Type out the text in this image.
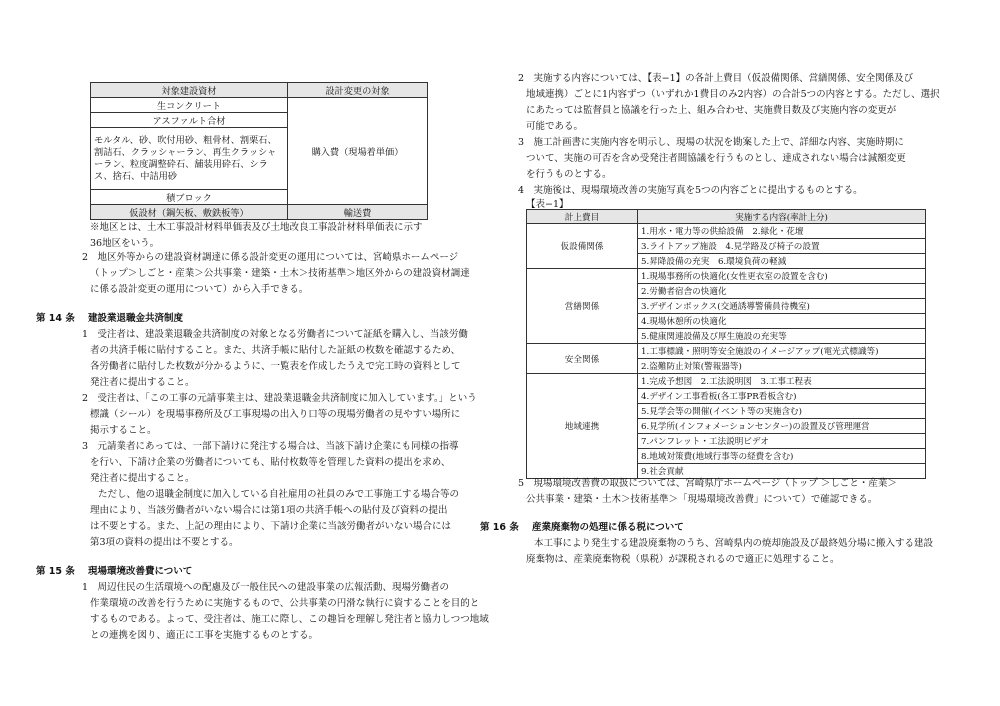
対象建設資材	設計変更の対象
生コンクリート	購入費（現場着単価）
アスファルト合材	
モルタル、砂、吹付用砂、粗骨材、割栗石、割詰石、クラッシャーラン、再生クラッシャーラン、粒度調整砕石、舗装用砕石、シラス、捨石、中詰用砂	
積ブロック	
仮設材（鋼矢板、敷鉄板等）	輸送費
※地区とは、土木工事設計材料単価表及び土地改良工事設計材料単価表に示す
36地区をいう。
2　地区外等からの建設資材調達に係る設計変更の運用については、宮崎県ホームページ
（トップ＞しごと・産業＞公共事業・建築・土木＞技術基準＞地区外からの建設資材調達
に係る設計変更の運用について）から入手できる。
第 14 条 建設業退職金共済制度
1　受注者は、建設業退職金共済制度の対象となる労働者について証紙を購入し、当該労働
者の共済手帳に貼付すること。また、共済手帳に貼付した証紙の枚数を確認するため、
各労働者に貼付した枚数が分かるように、一覧表を作成したうえで完工時の資料として
発注者に提出すること。
2　受注者は、「この工事の元請事業主は、建設業退職金共済制度に加入しています。」という
標識（シール）を現場事務所及び工事現場の出入り口等の現場労働者の見やすい場所に
掲示すること。
3　元請業者にあっては、一部下請けに発注する場合は、当該下請け企業にも同様の指導
を行い、下請け企業の労働者についても、貼付枚数等を管理した資料の提出を求め、
発注者に提出すること。
ただし、他の退職金制度に加入している自社雇用の社員のみで工事施工する場合等の
理由により、当該労働者がいない場合には第1項の共済手帳への貼付及び資料の提出
は不要とする。また、上記の理由により、下請け企業に当該労働者がいない場合には
第3項の資料の提出は不要とする。
第 15 条 現場環境改善費について
1　周辺住民の生活環境への配慮及び一般住民への建設事業の広報活動、現場労働者の
作業環境の改善を行うために実施するもので、公共事業の円滑な執行に資することを目的と
するものである。よって、受注者は、施工に際し、この趣旨を理解し発注者と協力しつつ地域
との連携を図り、適正に工事を実施するものとする。
2　実施する内容については、【表−1】の各計上費目（仮設備関係、営繕関係、安全関係及び
地域連携）ごとに1内容ずつ（いずれか1費目のみ2内容）の合計5つの内容とする。ただし、選択
にあたっては監督員と協議を行った上、組み合わせ、実施費目数及び実施内容の変更が
可能である。
3　施工計画書に実施内容を明示し、現場の状況を勘案した上で、詳細な内容、実施時期に
ついて、実施の可否を含め受発注者間協議を行うものとし、達成されない場合は減額変更
を行うものとする。
4　実施後は、現場環境改善の実施写真を5つの内容ごとに提出するものとする。
【表−1】
計上費目	実施する内容(率計上分)
仮設備関係	1.用水・電力等の供給設備　2.緑化・花壇
	3.ライトアップ施設　4.見学路及び椅子の設置
	5.昇降設備の充実　6.環境負荷の軽減
営繕関係	1.現場事務所の快適化(女性更衣室の設置を含む)
	2.労働者宿舎の快適化
	3.デザインボックス(交通誘導警備員待機室)
	4.現場休憩所の快適化
	5.健康関連設備及び厚生施設の充実等
安全関係	1.工事標識・照明等安全施設のイメージアップ(電光式標識等)
	2.盗難防止対策(警報器等)
地域連携	1.完成予想図　2.工法説明図　3.工事工程表
	4.デザイン工事看板(各工事PR看板含む)
	5.見学会等の開催(イベント等の実施含む)
	6.見学所(インフォメーションセンター)の設置及び管理運営
	7.パンフレット・工法説明ビデオ
	8.地域対策費(地域行事等の経費を含む)
	9.社会貢献
5　現場環境改善費の取扱については、宮崎県庁ホームページ（トップ ＞しごと・産業＞
公共事業・建築・土木＞技術基準＞「現場環境改善費」について）で確認できる。
第 16 条 産業廃棄物の処理に係る税について
本工事により発生する建設廃棄物のうち、宮崎県内の焼却施設及び最終処分場に搬入する建設
廃棄物は、産業廃棄物税（県税）が課税されるので適正に処理すること。
